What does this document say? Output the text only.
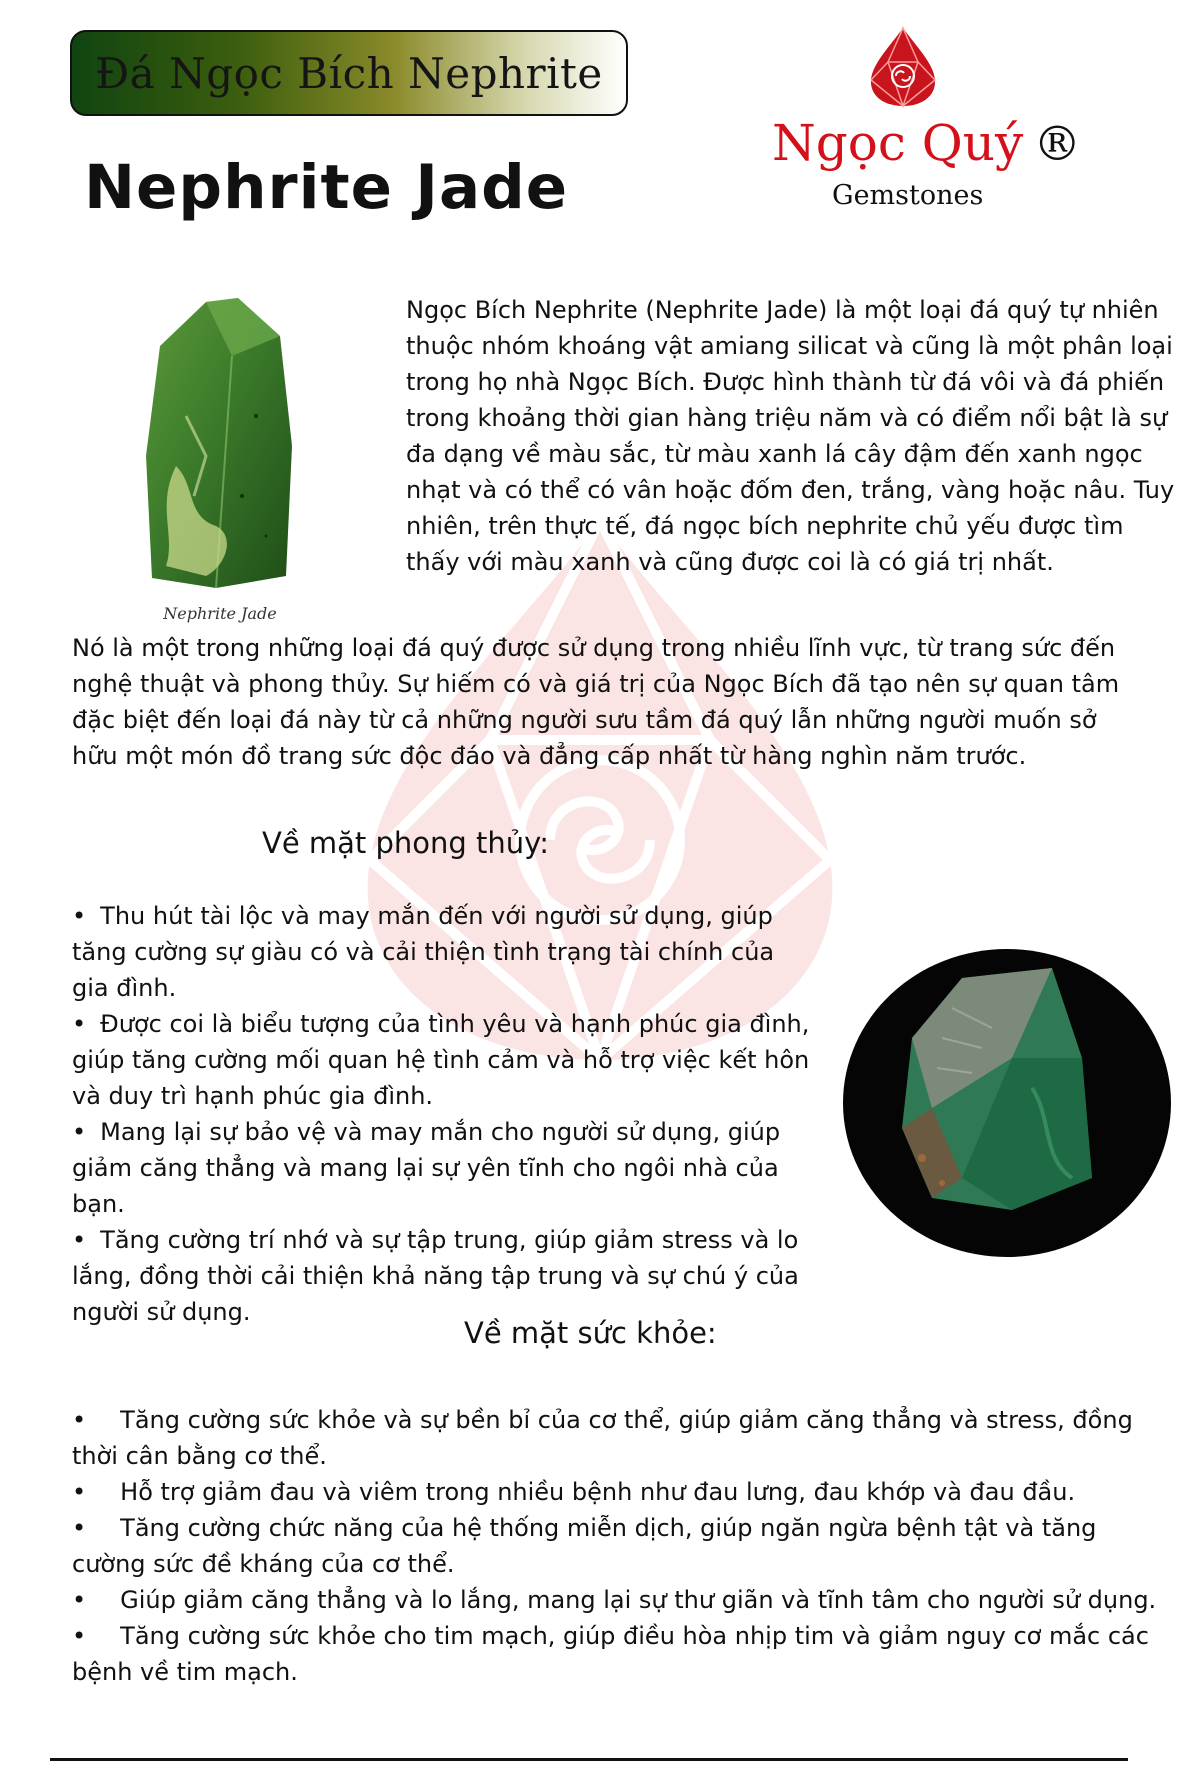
Đá Ngọc Bích Nephrite
Nephrite Jade
Ngọc Quý ®
Gemstones
Nephrite Jade

Ngọc Bích Nephrite (Nephrite Jade) là một loại đá quý tự nhiên thuộc nhóm khoáng vật amiang silicat và cũng là một phân loại trong họ nhà Ngọc Bích. Được hình thành từ đá vôi và đá phiến trong khoảng thời gian hàng triệu năm và có điểm nổi bật là sự đa dạng về màu sắc, từ màu xanh lá cây đậm đến xanh ngọc nhạt và có thể có vân hoặc đốm đen, trắng, vàng hoặc nâu. Tuy nhiên, trên thực tế, đá ngọc bích nephrite chủ yếu được tìm thấy với màu xanh và cũng được coi là có giá trị nhất.

Nó là một trong những loại đá quý được sử dụng trong nhiều lĩnh vực, từ trang sức đến nghệ thuật và phong thủy. Sự hiếm có và giá trị của Ngọc Bích đã tạo nên sự quan tâm đặc biệt đến loại đá này từ cả những người sưu tầm đá quý lẫn những người muốn sở hữu một món đồ trang sức độc đáo và đẳng cấp nhất từ hàng nghìn năm trước.

Về mặt phong thủy:
• Thu hút tài lộc và may mắn đến với người sử dụng, giúp tăng cường sự giàu có và cải thiện tình trạng tài chính của gia đình.
• Được coi là biểu tượng của tình yêu và hạnh phúc gia đình, giúp tăng cường mối quan hệ tình cảm và hỗ trợ việc kết hôn và duy trì hạnh phúc gia đình.
• Mang lại sự bảo vệ và may mắn cho người sử dụng, giúp giảm căng thẳng và mang lại sự yên tĩnh cho ngôi nhà của bạn.
• Tăng cường trí nhớ và sự tập trung, giúp giảm stress và lo lắng, đồng thời cải thiện khả năng tập trung và sự chú ý của người sử dụng.
Về mặt sức khỏe:
• Tăng cường sức khỏe và sự bền bỉ của cơ thể, giúp giảm căng thẳng và stress, đồng thời cân bằng cơ thể.
• Hỗ trợ giảm đau và viêm trong nhiều bệnh như đau lưng, đau khớp và đau đầu.
• Tăng cường chức năng của hệ thống miễn dịch, giúp ngăn ngừa bệnh tật và tăng cường sức đề kháng của cơ thể.
• Giúp giảm căng thẳng và lo lắng, mang lại sự thư giãn và tĩnh tâm cho người sử dụng.
• Tăng cường sức khỏe cho tim mạch, giúp điều hòa nhịp tim và giảm nguy cơ mắc các bệnh về tim mạch.
